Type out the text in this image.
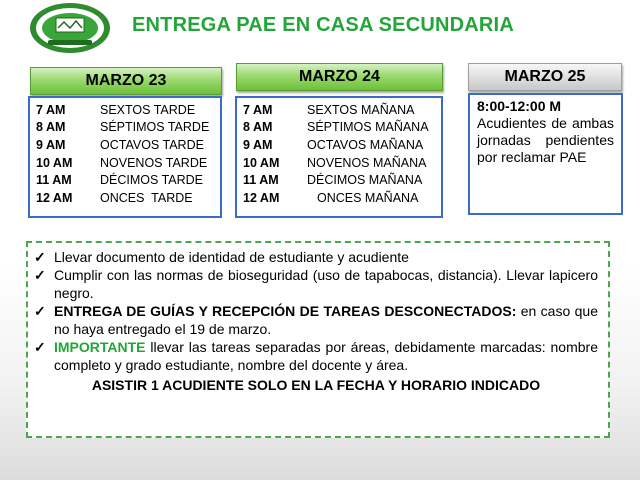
ENTREGA PAE EN CASA SECUNDARIA
MARZO 23
7 AM	SEXTOS TARDE
8 AM	SÉPTIMOS TARDE
9 AM	OCTAVOS TARDE
10 AM	NOVENOS TARDE
11 AM	DÉCIMOS TARDE
12 AM	ONCES  TARDE
MARZO 24
7 AM	SEXTOS MAÑANA
8 AM	SÉPTIMOS MAÑANA
9 AM	OCTAVOS MAÑANA
10 AM	NOVENOS MAÑANA
11 AM	DÉCIMOS MAÑANA
12 AM	ONCES MAÑANA
MARZO 25
8:00-12:00 M
Acudientes de ambas jornadas pendientes por reclamar PAE
✓ Llevar documento de identidad de estudiante y acudiente
✓ Cumplir con las normas de bioseguridad (uso de tapabocas, distancia). Llevar lapicero negro.
✓ ENTREGA DE GUÍAS Y RECEPCIÓN DE TAREAS DESCONECTADOS: en caso que no haya entregado el 19 de marzo.
✓ IMPORTANTE llevar las tareas separadas por áreas, debidamente marcadas: nombre completo y grado estudiante, nombre del docente y área.
ASISTIR 1 ACUDIENTE SOLO EN LA FECHA Y HORARIO INDICADO
